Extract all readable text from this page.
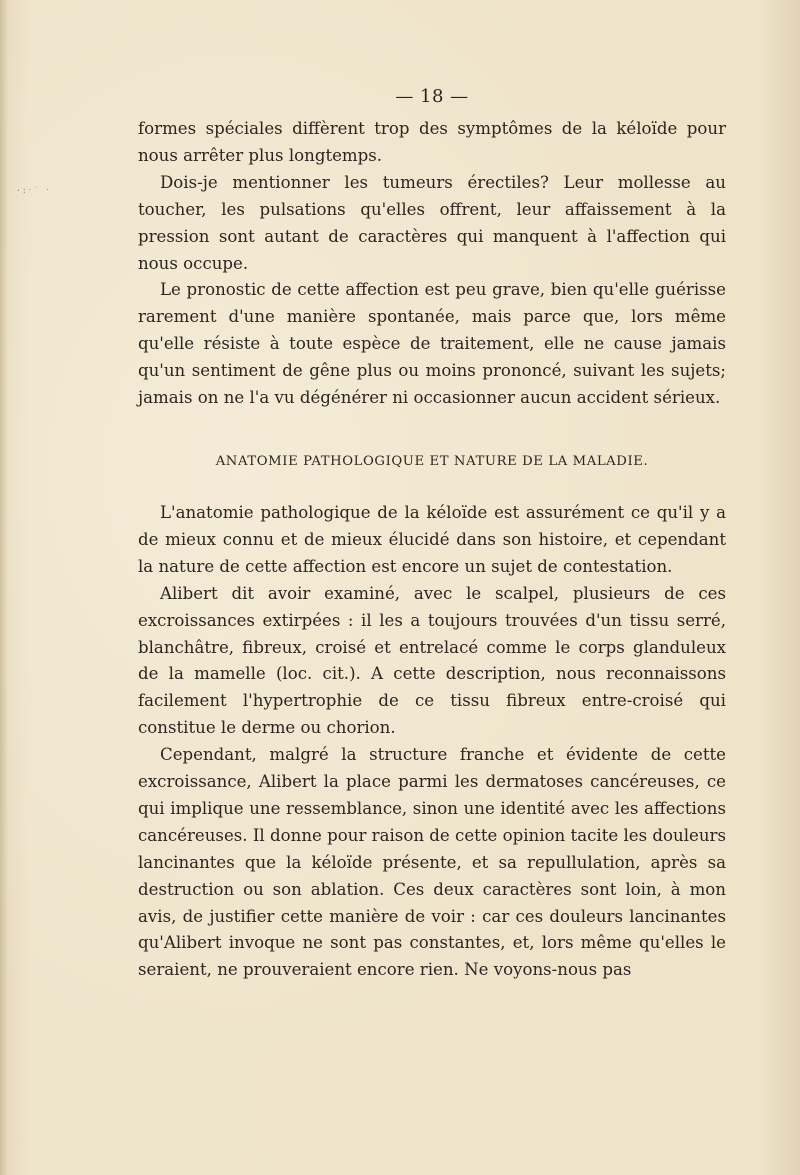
·:ˑ˙ ˑ
— 18 —

formes spéciales diffèrent trop des symptômes de la kéloïde pour nous arrêter plus longtemps.

Dois-je mentionner les tumeurs érectiles? Leur mollesse au toucher, les pulsations qu'elles offrent, leur affaissement à la pression sont autant de caractères qui manquent à l'affection qui nous occupe.

Le pronostic de cette affection est peu grave, bien qu'elle guérisse rarement d'une manière spontanée, mais parce que, lors même qu'elle résiste à toute espèce de traitement, elle ne cause jamais qu'un sentiment de gêne plus ou moins prononcé, suivant les sujets; jamais on ne l'a vu dégénérer ni occasionner aucun accident sérieux.

ANATOMIE PATHOLOGIQUE ET NATURE DE LA MALADIE.

L'anatomie pathologique de la kéloïde est assurément ce qu'il y a de mieux connu et de mieux élucidé dans son histoire, et cependant la nature de cette affection est encore un sujet de contestation.

Alibert dit avoir examiné, avec le scalpel, plusieurs de ces excroissances extirpées : il les a toujours trouvées d'un tissu serré, blanchâtre, fibreux, croisé et entrelacé comme le corps glanduleux de la mamelle (loc. cit.). A cette description, nous reconnaissons facilement l'hypertrophie de ce tissu fibreux entre-croisé qui constitue le derme ou chorion.

Cependant, malgré la structure franche et évidente de cette excroissance, Alibert la place parmi les dermatoses cancéreuses, ce qui implique une ressemblance, sinon une identité avec les affections cancéreuses. Il donne pour raison de cette opinion tacite les douleurs lancinantes que la kéloïde présente, et sa repullulation, après sa destruction ou son ablation. Ces deux caractères sont loin, à mon avis, de justifier cette manière de voir : car ces douleurs lancinantes qu'Alibert invoque ne sont pas constantes, et, lors même qu'elles le seraient, ne prouveraient encore rien. Ne voyons-nous pas
